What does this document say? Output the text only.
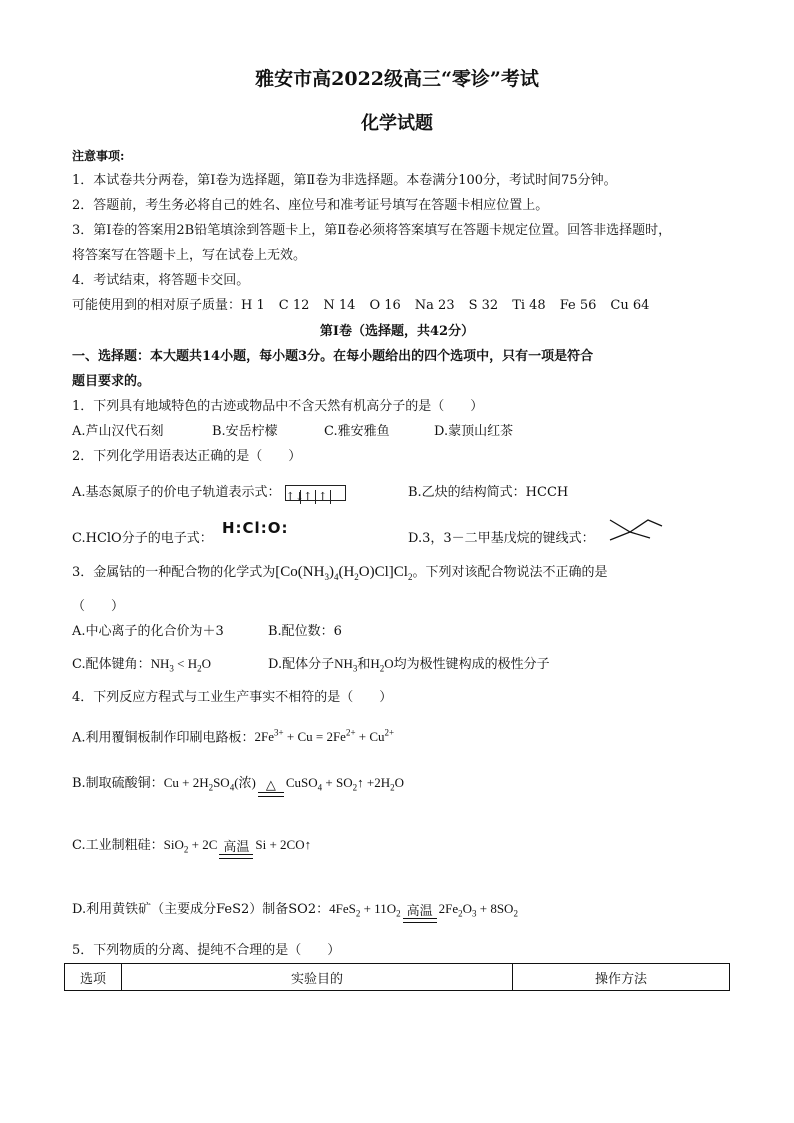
雅安市高2022级高三“零诊”考试
化学试题
注意事项:
1．本试卷共分两卷，第Ⅰ卷为选择题，第Ⅱ卷为非选择题。本卷满分100分，考试时间75分钟。
2．答题前，考生务必将自己的姓名、座位号和准考证号填写在答题卡相应位置上。
3．第Ⅰ卷的答案用2B铅笔填涂到答题卡上，第Ⅱ卷必须将答案填写在答题卡规定位置。回答非选择题时，
将答案写在答题卡上，写在试卷上无效。
4．考试结束，将答题卡交回。
可能使用到的相对原子质量：H 1 C 12 N 14 O 16 Na 23 S 32 Ti 48 Fe 56 Cu 64
第Ⅰ卷（选择题，共42分）
一、选择题：本大题共14小题，每小题3分。在每小题给出的四个选项中，只有一项是符合
题目要求的。
1．下列具有地域特色的古迹或物品中不含天然有机高分子的是（　　）
A.芦山汉代石刻	B.安岳柠檬	C.雅安雅鱼	D.蒙顶山红茶
2．下列化学用语表达正确的是（　　）
A.基态氮原子的价电子轨道表示式： ↑↓↑ ↑	B.乙炔的结构简式：HCCH
C.HClO分子的电子式：
H:Cl:O:
D.3，3－二甲基戊烷的键线式：
3．金属钴的一种配合物的化学式为$[Co(NH_3)_4(H_2O)Cl]Cl_2$。下列对该配合物说法不正确的是
（　　）
A.中心离子的化合价为＋3	B.配位数：6
C.配体键角：$NH_3 < H_2O$	D.配体分子$NH_3$和$H_2O$均为极性键构成的极性分子
4．下列反应方程式与工业生产事实不相符的是（　　）
A.利用覆铜板制作印刷电路板：$2Fe^{3+} + Cu = 2Fe^{2+} + Cu^{2+}$
B.制取硫酸铜：$Cu + 2H_2SO_4$(浓) △ CuSO$_4$ + $SO_2↑ +2H_2O$
C.工业制粗硅：SiO$_2$ + 2C 高温 Si + 2CO↑
D.利用黄铁矿（主要成分FeS2）制备SO2：$4FeS_2 + 11O_2$ 高温 $2Fe_2O_3 + 8SO_2$
5．下列物质的分离、提纯不合理的是（　　）
选项	实验目的	操作方法
